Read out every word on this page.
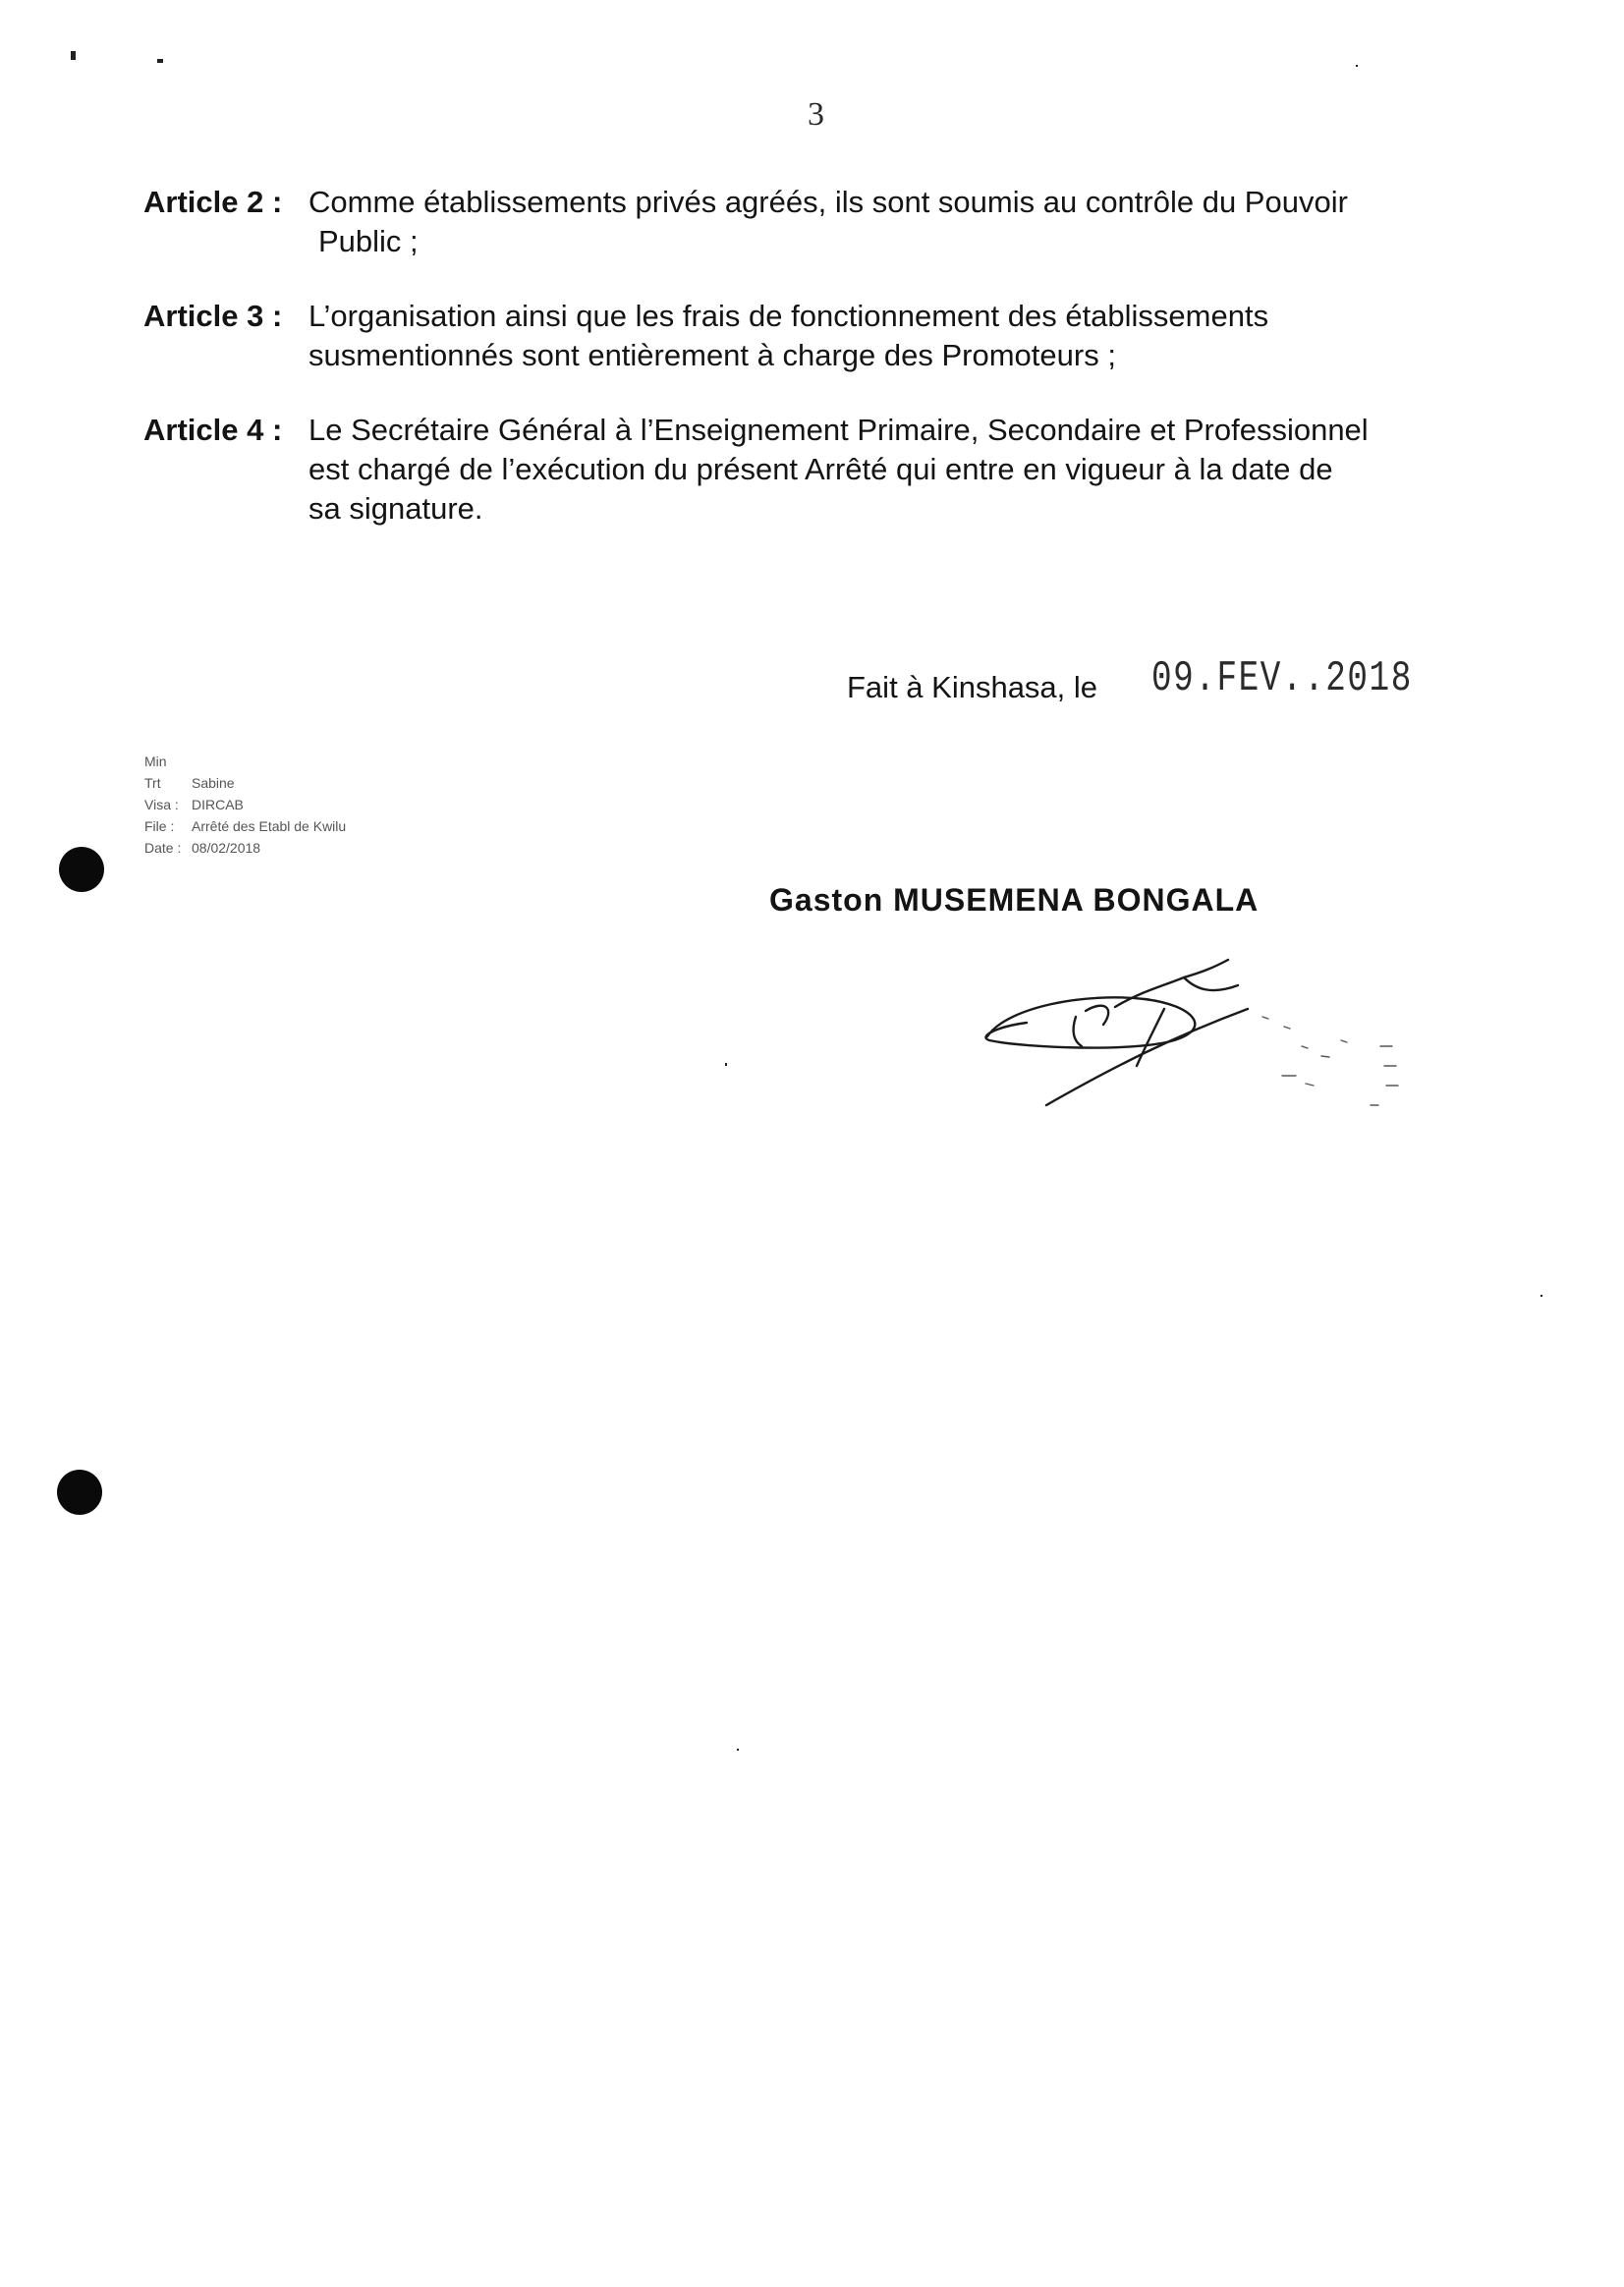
3
Article 2 : Comme établissements privés agréés, ils sont soumis au contrôle du Pouvoir
Public ;
Article 3 : L’organisation ainsi que les frais de fonctionnement des établissements
susmentionnés sont entièrement à charge des Promoteurs ;
Article 4 : Le Secrétaire Général à l’Enseignement Primaire, Secondaire et Professionnel
est chargé de l’exécution du présent Arrêté qui entre en vigueur à la date de
sa signature.
Fait à Kinshasa, le 09.FEV..2018
Min
Trt Sabine
Visa : DIRCAB
File : Arrêté des Etabl de Kwilu
Date : 08/02/2018
Gaston MUSEMENA BONGALA
